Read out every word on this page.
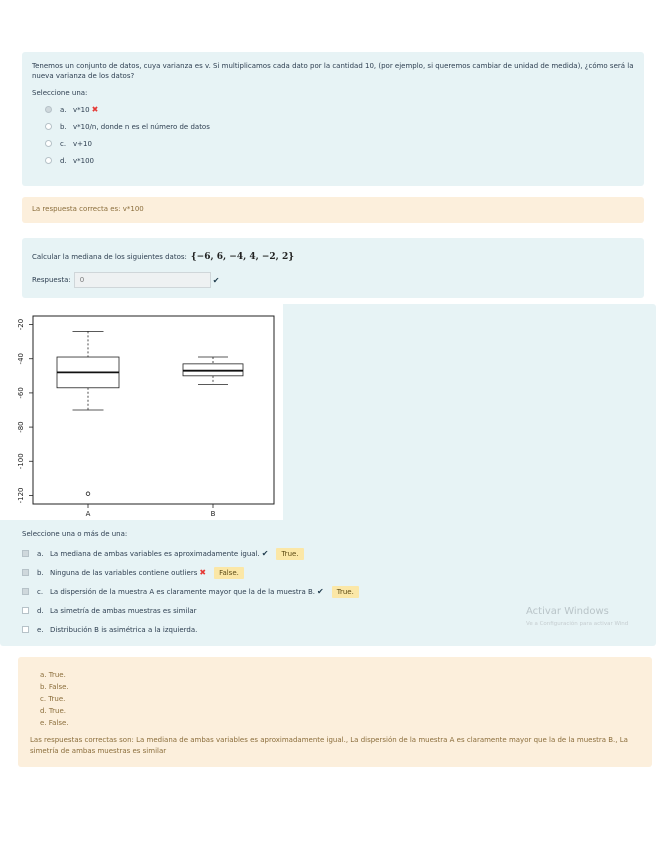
Tenemos un conjunto de datos, cuya varianza es v. Si multiplicamos cada dato por la cantidad 10, (por ejemplo, si queremos cambiar de unidad de medida), ¿cómo será la nueva varianza de los datos?
Seleccione una:
a. v*10 ✖
b. v*10/n, donde n es el número de datos
c. v+10
d. v*100
La respuesta correcta es: v*100
Calcular la mediana de los siguientes datos: {−6, 6, −4, 4, −2, 2}
Respuesta:	0	✔
-20
-40
-60
-80
-100
-120
A	B
Seleccione una o más de una:
a. La mediana de ambas variables es aproximadamente igual. ✔	True.
b. Ninguna de las variables contiene outliers ✖	False.
c. La dispersión de la muestra A es claramente mayor que la de la muestra B. ✔	True.
d. La simetría de ambas muestras es similar
e. Distribución B is asimétrica a la izquierda.
Activar Windows
Ve a Configuración para activar Wind
a. True.
b. False.
c. True.
d. True.
e. False.
Las respuestas correctas son: La mediana de ambas variables es aproximadamente igual., La dispersión de la muestra A es claramente mayor que la de la muestra B., La simetría de ambas muestras es similar
